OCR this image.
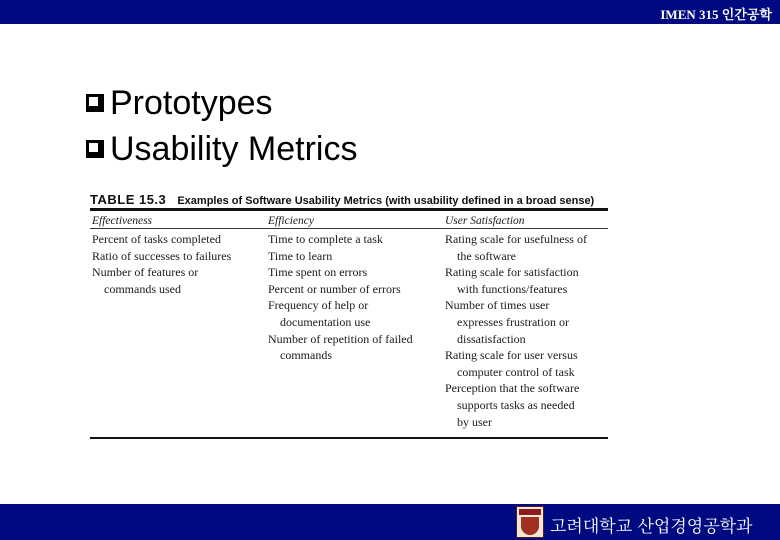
IMEN 315 인간공학
Prototypes
Usability Metrics
TABLE 15.3 Examples of Software Usability Metrics (with usability defined in a broad sense)
Effectiveness
Percent of tasks completed
Ratio of successes to failures
Number of features or
commands used
Efficiency
Time to complete a task
Time to learn
Time spent on errors
Percent or number of errors
Frequency of help or
documentation use
Number of repetition of failed
commands
User Satisfaction
Rating scale for usefulness of
the software
Rating scale for satisfaction
with functions/features
Number of times user
expresses frustration or
dissatisfaction
Rating scale for user versus
computer control of task
Perception that the software
supports tasks as needed
by user
고려대학교 산업경영공학과
